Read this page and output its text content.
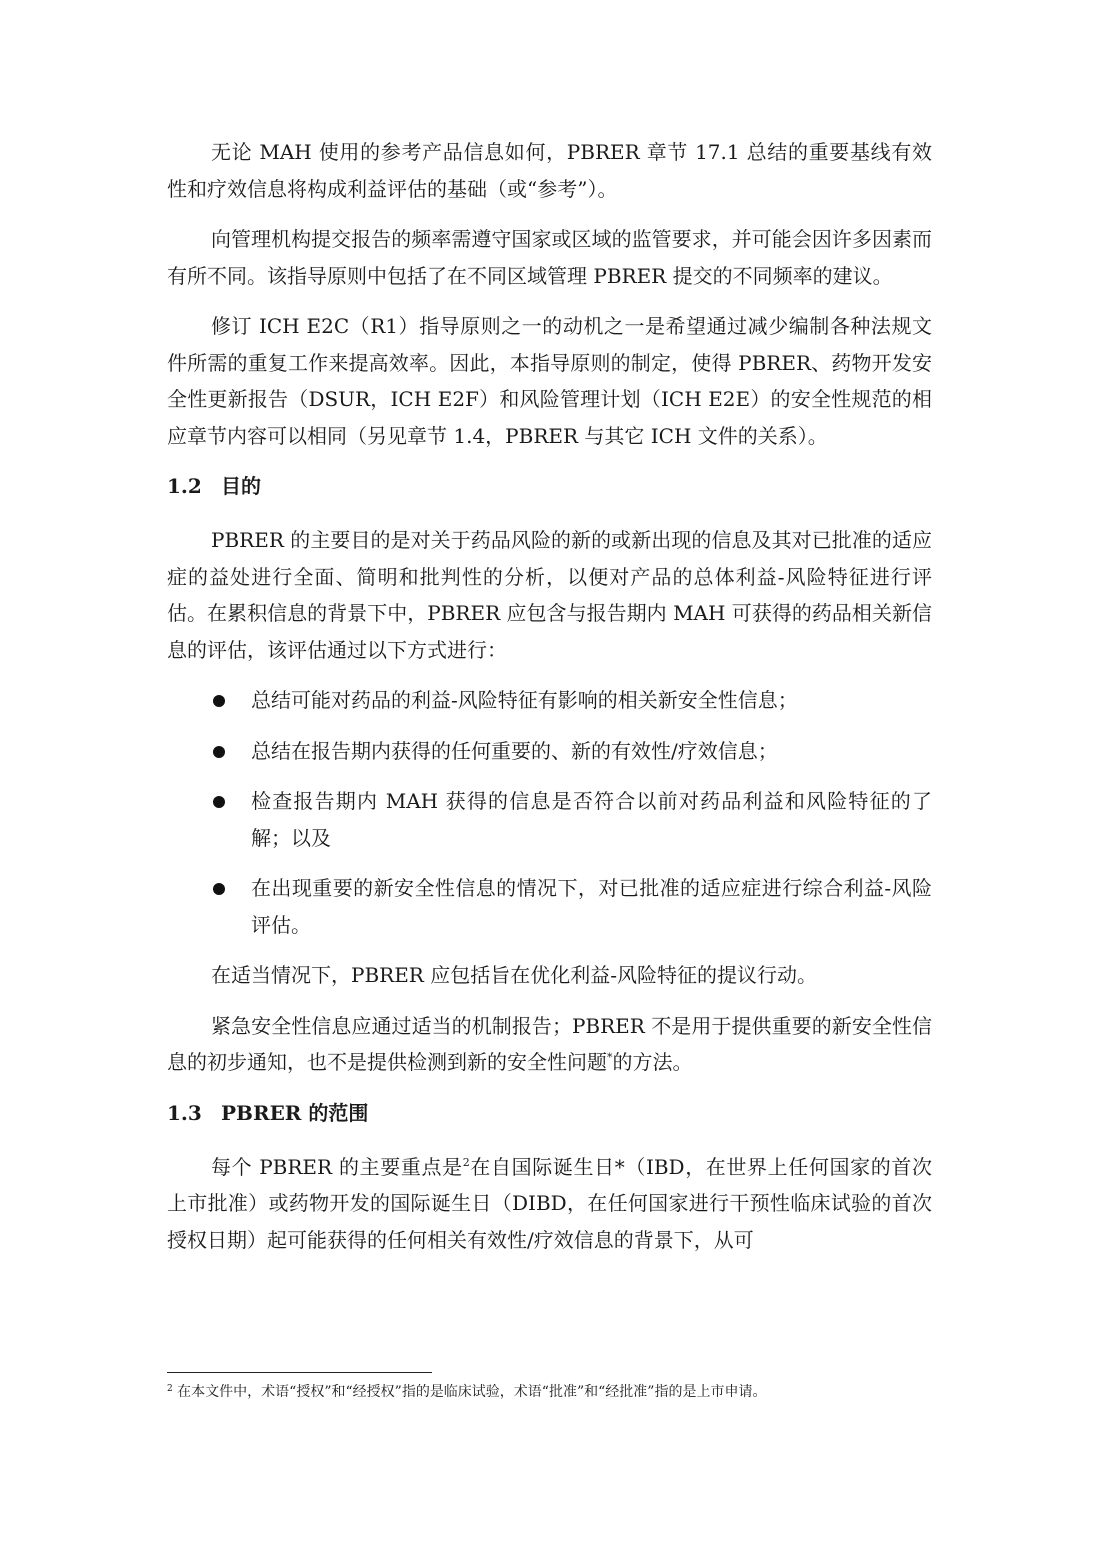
无论 MAH 使用的参考产品信息如何，PBRER 章节 17.1 总结的重要基线有效性和疗效信息将构成利益评估的基础（或“参考”）。

向管理机构提交报告的频率需遵守国家或区域的监管要求，并可能会因许多因素而有所不同。该指导原则中包括了在不同区域管理 PBRER 提交的不同频率的建议。

修订 ICH E2C（R1）指导原则之一的动机之一是希望通过减少编制各种法规文件所需的重复工作来提高效率。因此，本指导原则的制定，使得 PBRER、药物开发安全性更新报告（DSUR，ICH E2F）和风险管理计划（ICH E2E）的安全性规范的相应章节内容可以相同（另见章节 1.4，PBRER 与其它 ICH 文件的关系）。

1.2 目的

PBRER 的主要目的是对关于药品风险的新的或新出现的信息及其对已批准的适应症的益处进行全面、简明和批判性的分析，以便对产品的总体利益-风险特征进行评估。在累积信息的背景下中，PBRER 应包含与报告期内 MAH 可获得的药品相关新信息的评估，该评估通过以下方式进行：

总结可能对药品的利益-风险特征有影响的相关新安全性信息；
总结在报告期内获得的任何重要的、新的有效性/疗效信息；
检查报告期内 MAH 获得的信息是否符合以前对药品利益和风险特征的了解；以及
在出现重要的新安全性信息的情况下，对已批准的适应症进行综合利益-风险评估。

在适当情况下，PBRER 应包括旨在优化利益-风险特征的提议行动。

紧急安全性信息应通过适当的机制报告；PBRER 不是用于提供重要的新安全性信息的初步通知，也不是提供检测到新的安全性问题*的方法。

1.3 PBRER 的范围

每个 PBRER 的主要重点是$^2$在自国际诞生日*（IBD，在世界上任何国家的首次上市批准）或药物开发的国际诞生日（DIBD，在任何国家进行干预性临床试验的首次授权日期）起可能获得的任何相关有效性/疗效信息的背景下，从可

$^2$ 在本文件中，术语“授权”和“经授权”指的是临床试验，术语“批准”和“经批准”指的是上市申请。
